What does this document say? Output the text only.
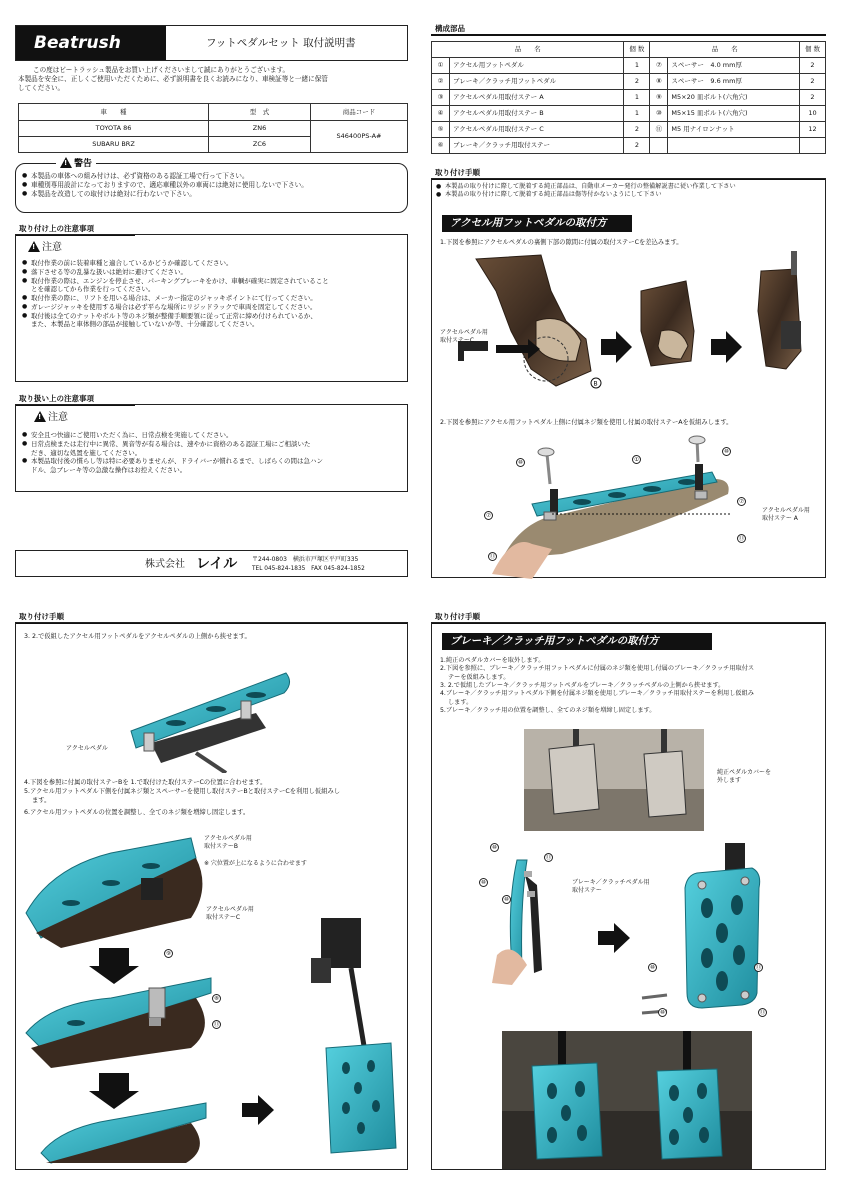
Beatrush	フットペダルセット 取付説明書
この度はビートラッシュ製品をお買い上げくださいまして誠にありがとうございます。
本製品を安全に、正しくご使用いただくために、必ず説明書を良くお読みになり、車検証等と一緒に保管
してください。
車　　種	型　式	商品コード
TOYOTA 86	ZN6	S46400PS-A#
SUBARU BRZ	ZC6	
! 警告
● 本製品の車体への組み付けは、必ず資格のある認証工場で行って下さい。
● 車種別専用設計になっておりますので、適応車種以外の車両には絶対に使用しないで下さい。
● 本製品を改造しての取付けは絶対に行わないで下さい。
取り付け上の注意事項
! 注意
● 取付作業の前に装着車種と適合しているかどうか確認してください。
● 落下させる等の乱暴な扱いは絶対に避けてください。
● 取付作業の際は、エンジンを停止させ、パーキングブレーキをかけ、車輌が確実に固定されていること
とを確認してから作業を行ってください。
● 取付作業の際に、リフトを用いる場合は、メーカー指定のジャッキポイントにて行ってください。
● ガレージジャッキを使用する場合は必ず平らな場所にリジッドラックで車両を固定してください。
● 取付後は全てのナットやボルト等のネジ類が整備手順要領に従って正常に締め付けられているか、
また、本製品と車体側の部品が接触していないか等、十分確認してください。
取り扱い上の注意事項
! 注意
● 安全且つ快適にご使用いただく為に、日常点検を実施してください。
● 日常点検または走行中に異常、異音等が有る場合は、速やかに資格のある認証工場にご相談いた
だき、適切な処置を施してください。
● 本製品取付後の慣らし等は特に必要ありませんが、ドライバーが慣れるまで、しばらくの間は急ハン
ドル、急ブレーキ等の急激な操作はお控えください。
株式会社 レイル 〒244-0803　横浜市戸塚区平戸町335
TEL 045-824-1835　FAX 045-824-1852
構成部品
品　　名		個 数	品　　名		個 数
①	アクセル用フットペダル	1	⑦	スペーサー　4.0 mm厚	2
②	ブレーキ／クラッチ用フットペダル	2	⑧	スペーサー　9.6 mm厚	2
③	アクセルペダル用取付ステー A	1	⑨	M5×20 皿ボルト(六角穴)	2
④	アクセルペダル用取付ステー B	1	⑩	M5×15 皿ボルト(六角穴)	10
⑤	アクセルペダル用取付ステー C	2	⑪	M5 用ナイロンナット	12
⑥	ブレーキ／クラッチ用取付ステー	2			
取り付け手順
● 本製品の取り付けに際して脱着する純正部品は、自動車メーカー発行の整備解説書に従い作業して下さい
● 本製品の取り付けに際して脱着する純正部品は傷等付かないようにして下さい
アクセル用フットペダルの取付方
1.下図を参照にアクセルペダルの裏側下部の隙間に付属の取付ステーCを差込みます。
B
アクセルペダル用
取付ステーC
2.下図を参照にアクセル用フットペダル上側に付属ネジ類を使用し付属の取付ステーAを仮組みします。
⑩
⑩
①
⑦
⑦
⑪
⑪
アクセルペダル用
取付ステー A
取り付け手順
3. 2.で仮組したアクセル用フットペダルをアクセルペダルの上側から挟せます。
アクセルペダル
4.下図を参照に付属の取付ステーBを 1.で取付けた取付ステーCの位置に合わせます。
5.アクセル用フットペダル下側を付属ネジ類とスペーサーを使用し取付ステーBと取付ステーCを利用し仮組みし
ます。
6.アクセル用フットペダルの位置を調整し、全てのネジ類を増締し固定します。
アクセルペダル用
取付ステーB
※ 穴位置が上になるように合わせます
アクセルペダル用
取付ステーC
⑨
⑧
⑪
取り付け手順
ブレーキ／クラッチ用フットペダルの取付方
1.純正のペダルカバーを取外します。
2.下図を参照に、ブレーキ／クラッチ用フットペダルに付属のネジ類を使用し付属のブレーキ／クラッチ用取付ス
テーを仮組みします。
3. 2.で仮組したブレーキ／クラッチ用フットペダルをブレーキ／クラッチペダルの上側から挟せます。
4.ブレーキ／クラッチ用フットペダル下側を付属ネジ類を使用しブレーキ／クラッチ用取付ステーを利用し仮組み
します。
5.ブレーキ／クラッチ用の位置を調整し、全てのネジ類を増締し固定します。
純正ペダルカバーを
外します
⑩
⑪
⑩
⑩
ブレーキ／クラッチペダル用
取付ステー
⑩	⑪
⑩	⑪
